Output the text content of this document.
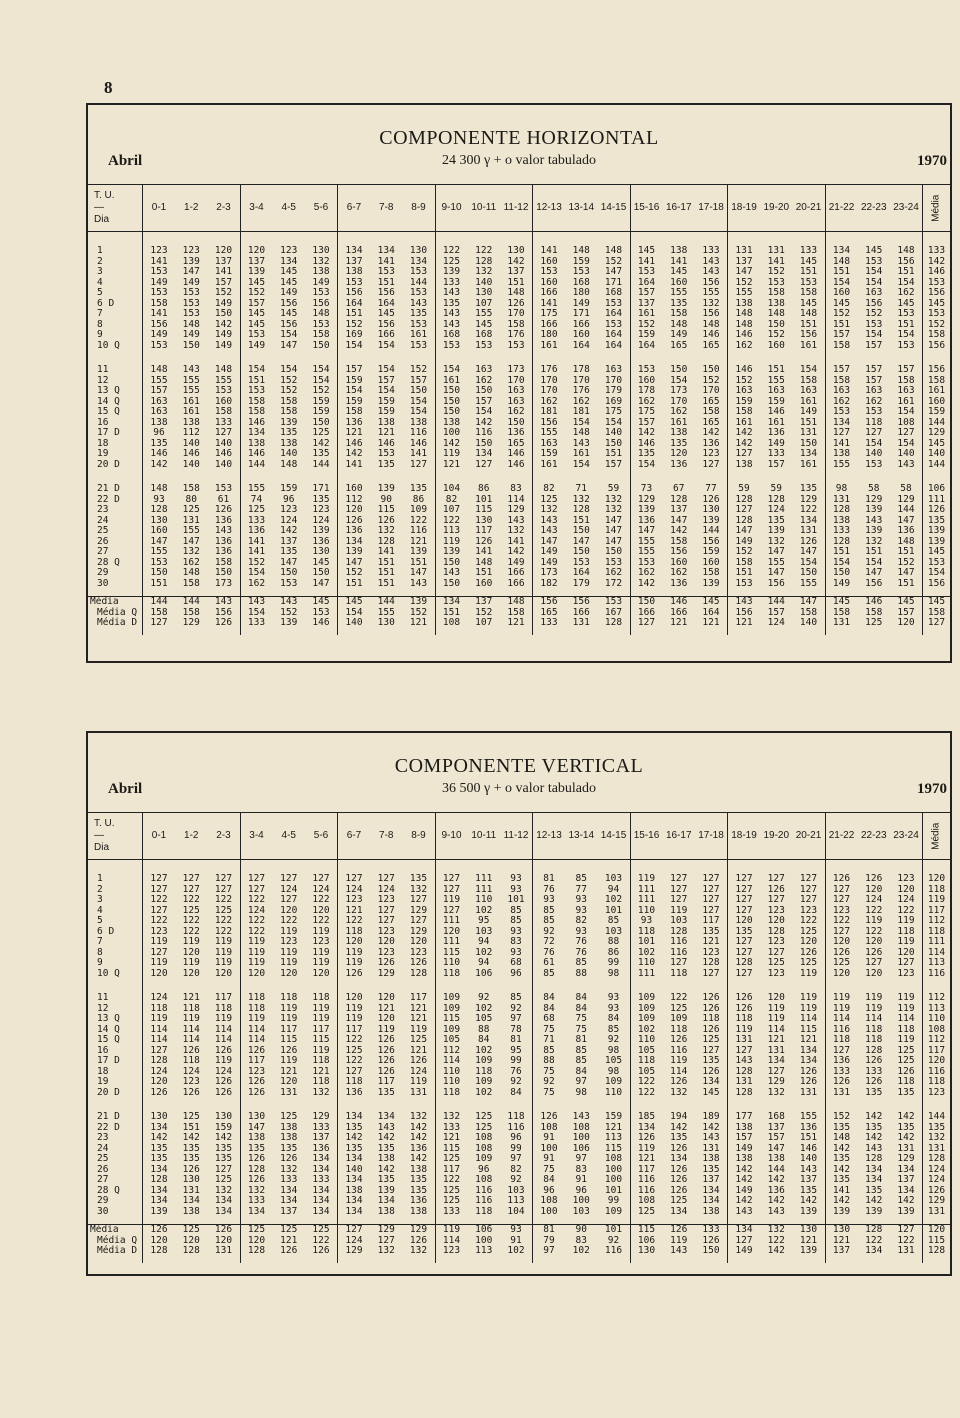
8
COMPONENTE HORIZONTAL
24 300 γ + o valor tabulado
Abril	1970
T. U.
—
Dia	0-1	1-2	2-3	3-4	4-5	5-6	6-7	7-8	8-9	9-10	10-11	11-12	12-13	13-14	14-15	15-16	16-17	17-18	18-19	19-20	20-21	21-22	22-23	23-24	Média
1	123	123	120	120	123	130	134	134	130	122	122	130	141	148	148	145	138	133	131	131	133	134	145	148	133
2	141	139	137	137	134	132	137	141	134	125	128	142	160	159	152	141	141	143	137	141	145	148	153	156	142
3	153	147	141	139	145	138	138	153	153	139	132	137	153	153	147	153	145	143	147	152	151	151	154	151	146
4	149	149	157	145	145	149	153	151	144	133	140	151	160	168	171	164	160	156	152	153	153	154	154	154	153
5	153	153	152	152	149	153	156	156	153	143	130	148	166	180	168	157	155	155	155	158	158	160	163	162	156
6 D	158	153	149	157	156	156	164	164	143	135	107	126	141	149	153	137	135	132	138	138	145	145	156	145	145
7	141	153	150	145	145	148	151	145	135	143	155	170	175	171	164	161	158	156	148	148	148	152	152	153	153
8	156	148	142	145	156	153	152	156	153	143	145	158	166	166	153	152	148	148	148	150	151	151	153	151	152
9	149	149	149	153	154	158	169	166	161	168	168	176	180	160	164	159	149	146	146	152	156	157	154	154	158
10 Q	153	150	149	149	147	150	154	154	153	153	153	153	161	164	164	164	165	165	162	160	161	158	157	153	156
11	148	143	148	154	154	154	157	154	152	154	163	173	176	178	163	153	150	150	146	151	154	157	157	157	156
12	155	155	155	151	152	154	159	157	157	161	162	170	170	170	170	160	154	152	152	155	158	158	157	158	158
13 Q	157	155	153	153	152	152	154	154	150	150	150	163	170	176	179	178	173	170	163	163	163	163	163	163	161
14 Q	163	161	160	158	158	159	159	159	154	150	157	163	162	162	169	162	170	165	159	159	161	162	162	161	160
15 Q	163	161	158	158	158	159	158	159	154	150	154	162	181	181	175	175	162	158	158	146	149	153	153	154	159
16	138	138	133	146	139	150	136	138	138	138	142	150	156	154	154	157	161	165	161	161	151	134	118	108	144
17 D	96	112	127	134	135	125	121	121	116	100	116	136	155	148	140	142	138	142	142	136	131	127	127	127	129
18	135	140	140	138	138	142	146	146	146	142	150	165	163	143	150	146	135	136	142	149	150	141	154	154	145
19	146	146	146	146	140	135	142	153	141	119	134	146	159	161	151	135	120	123	127	133	134	138	140	140	140
20 D	142	140	140	144	148	144	141	135	127	121	127	146	161	154	157	154	136	127	138	157	161	155	153	143	144
21 D	148	158	153	155	159	171	160	139	135	104	86	83	82	71	59	73	67	77	59	59	135	98	58	58	106
22 D	93	80	61	74	96	135	112	90	86	82	101	114	125	132	132	129	128	126	128	128	129	131	129	129	111
23	128	125	126	125	123	123	120	115	109	107	115	129	132	128	132	139	137	130	127	124	122	128	139	144	126
24	130	131	136	133	124	124	126	126	122	122	130	143	143	151	147	136	147	139	128	135	134	138	143	147	135
25	160	155	143	136	142	139	136	132	116	113	117	132	143	150	147	147	142	144	147	139	131	133	139	136	139
26	147	147	136	141	137	136	134	128	121	119	126	141	147	147	147	155	158	156	149	132	126	128	132	148	139
27	155	132	136	141	135	130	139	141	139	139	141	142	149	150	150	155	156	159	152	147	147	151	151	151	145
28 Q	153	162	158	152	147	145	147	151	151	150	148	149	149	153	153	153	160	160	158	155	154	154	154	152	153
29	150	148	150	154	150	150	152	151	147	143	151	166	173	164	162	162	162	158	151	147	150	150	147	147	154
30	151	158	173	162	153	147	151	151	143	150	160	166	182	179	172	142	136	139	153	156	155	149	156	151	156

Média	144	144	143	143	143	145	145	144	139	134	137	148	156	156	153	150	146	145	143	144	147	145	146	145	145
Média Q	158	158	156	154	152	153	154	155	152	151	152	158	165	166	167	166	166	164	156	157	158	158	158	157	158
Média D	127	129	126	133	139	146	140	130	121	108	107	121	133	131	128	127	121	121	121	124	140	131	125	120	127

COMPONENTE VERTICAL
36 500 γ + o valor tabulado
Abril	1970
T. U.
—
Dia	0-1	1-2	2-3	3-4	4-5	5-6	6-7	7-8	8-9	9-10	10-11	11-12	12-13	13-14	14-15	15-16	16-17	17-18	18-19	19-20	20-21	21-22	22-23	23-24	Média
1	127	127	127	127	127	127	127	127	135	127	111	93	81	85	103	119	127	127	127	127	127	126	126	123	120
2	127	127	127	127	124	124	124	124	132	127	111	93	76	77	94	111	127	127	127	126	127	127	120	120	118
3	122	122	122	122	127	122	123	123	127	119	110	101	93	93	102	111	127	127	127	127	127	127	124	124	119
4	127	125	125	124	120	120	121	127	129	127	102	85	85	93	101	110	119	127	127	123	123	123	122	122	117
5	122	122	122	122	122	122	122	127	127	111	95	85	85	82	85	93	103	117	120	120	122	122	119	119	112
6 D	123	122	122	122	119	119	118	123	129	120	103	93	92	93	103	118	128	135	135	128	125	127	122	118	118
7	119	119	119	119	123	123	120	120	120	111	94	83	72	76	88	101	116	121	127	123	120	120	120	119	111
8	127	120	119	119	119	119	119	123	123	115	102	93	76	76	86	102	116	123	127	127	126	126	126	120	114
9	119	119	119	119	119	119	119	126	126	110	94	68	61	85	99	110	127	128	128	125	125	125	127	127	113
10 Q	120	120	120	120	120	120	126	129	128	118	106	96	85	88	98	111	118	127	127	123	119	120	120	123	116
11	124	121	117	118	118	118	120	120	117	109	92	85	84	84	93	109	122	126	126	120	119	119	119	119	112
12	118	118	118	118	119	119	119	121	121	109	102	92	84	84	93	109	125	126	126	119	119	119	119	119	113
13 Q	119	119	119	119	119	119	119	120	121	115	105	97	68	75	84	109	109	118	118	119	114	114	114	114	110
14 Q	114	114	114	114	117	117	117	119	119	109	88	78	75	75	85	102	118	126	119	114	115	116	118	118	108
15 Q	114	114	114	114	115	115	122	126	125	105	84	81	71	81	92	110	126	125	131	121	121	118	118	119	112
16	127	126	126	126	126	119	125	126	121	112	102	95	85	85	98	105	116	127	127	131	134	127	128	125	117
17 D	128	118	119	117	119	118	122	126	126	114	109	99	88	85	105	118	119	135	143	134	134	136	126	125	120
18	124	124	124	123	121	121	127	126	124	110	118	76	75	84	98	105	114	126	128	127	126	133	133	126	116
19	120	123	126	126	120	118	118	117	119	110	109	92	92	97	109	122	126	134	131	129	126	126	126	118	118
20 D	126	126	126	126	131	132	136	135	131	118	102	84	75	98	110	122	132	145	128	132	131	131	135	135	123
21 D	130	125	130	130	125	129	134	134	132	132	125	118	126	143	159	185	194	189	177	168	155	152	142	142	144
22 D	134	151	159	147	138	133	135	143	142	133	125	116	108	108	121	134	142	142	138	137	136	135	135	135	135
23	142	142	142	138	138	137	142	142	142	121	108	96	91	100	113	126	135	143	157	157	151	148	142	142	132
24	135	135	135	135	135	136	135	135	136	115	108	99	100	106	115	119	126	131	149	147	146	142	143	131	131
25	135	135	135	126	126	134	134	138	142	125	109	97	91	97	108	121	134	138	138	138	140	135	128	129	128
26	134	126	127	128	132	134	140	142	138	117	96	82	75	83	100	117	126	135	142	144	143	142	134	134	124
27	128	130	125	126	133	133	134	135	135	122	108	92	84	91	100	116	126	137	142	142	137	135	134	137	124
28 Q	134	131	132	132	134	134	138	139	135	125	116	103	96	96	101	116	126	134	149	136	135	141	135	134	126
29	134	134	134	133	134	134	134	134	136	125	116	113	108	100	99	108	125	134	142	142	142	142	142	142	129
30	139	138	134	134	137	134	134	138	138	133	118	104	100	103	109	125	134	138	143	143	139	139	139	139	131

Média	126	125	126	125	125	125	127	129	129	119	106	93	81	90	101	115	126	133	134	132	130	130	128	127	120
Média Q	120	120	120	120	121	122	124	127	126	114	100	91	79	83	92	106	119	126	127	122	121	121	122	122	115
Média D	128	128	131	128	126	126	129	132	132	123	113	102	97	102	116	130	143	150	149	142	139	137	134	131	128
